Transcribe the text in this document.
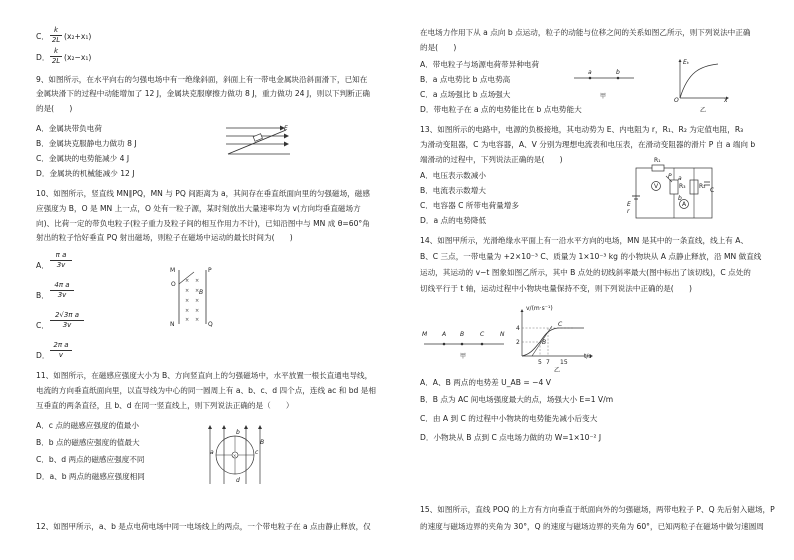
C．
k
2L (x₂+x₁)
D．
k
2L (x₂−x₁)
9、如图所示，在水平向右的匀强电场中有一绝缘斜面，斜面上有一带电金属块沿斜面滑下，已知在
金属块滑下的过程中动能增加了 12 J，金属块克服摩擦力做功 8 J，重力做功 24 J，则以下判断正确
的是(　　)
A．金属块带负电荷
B．金属块克服静电力做功 8 J
C．金属块的电势能减少 4 J
D．金属块的机械能减少 12 J
E
10、如图所示，竖直线 MN∥PQ，MN 与 PQ 间距离为 a，其间存在垂直纸面向里的匀强磁场，磁感
应强度为 B，O 是 MN 上一点，O 处有一粒子源，某时刻放出大量速率均为 v(方向均垂直磁场方
向)、比荷一定的带负电粒子(粒子重力及粒子间的相互作用力不计)，已知沿图中与 MN 成 θ=60°角
射出的粒子恰好垂直 PQ 射出磁场，则粒子在磁场中运动的最长时间为(　　)
A．
π a
3v
B．
4π a
3v
C．
2√3π a
3v
D．
2π a
v
× ×
× ×
× ×
× ×
× ×
M	P
O
B
N	Q
11、如图所示，在磁感应强度大小为 B、方向竖直向上的匀强磁场中，水平放置一根长直通电导线，
电流的方向垂直纸面向里，以直导线为中心的同一圆周上有 a、b、c、d 四个点，连线 ac 和 bd 是相
互垂直的两条直径，且 b、d 在同一竖直线上，则下列说法正确的是（　　）
A．c 点的磁感应强度的值最小
B．b 点的磁感应强度的值最大
C．b、d 两点的磁感应强度不同
D．a、b 两点的磁感应强度相同
×
b
a	c
d
B
12、如图甲所示，a、b 是点电荷电场中同一电场线上的两点，一个带电粒子在 a 点由静止释放，仅
在电场力作用下从 a 点向 b 点运动，粒子的动能与位移之间的关系如图乙所示，则下列说法中正确
的是(　　)
A．带电粒子与场源电荷带异种电荷
B．a 点电势比 b 点电势高
C．a 点场强比 b 点场强大
D．带电粒子在 a 点的电势能比在 b 点电势能大
a	b
甲
Eₖ
x
O
乙
13、如图所示的电路中，电源的负极接地，其电动势为 E、内电阻为 r，R₁、R₂ 为定值电阻，R₃
为滑动变阻器，C 为电容器，A、V 分别为理想电流表和电压表，在滑动变阻器的滑片 P 自 a 端向 b
端滑动的过程中，下列说法正确的是(　　)
A．电压表示数减小
B．电流表示数增大
C．电容器 C 所带电荷量增多
D．a 点的电势降低
R₁
V
A
R₃ R₂
C
P a
b
E
r
14、如图甲所示，光滑绝缘水平面上有一沿水平方向的电场，MN 是其中的一条直线，线上有 A、
B、C 三点，一带电量为 +2×10⁻³ C、质量为 1×10⁻³ kg 的小物块从 A 点静止释放，沿 MN 做直线
运动，其运动的 v−t 图象如图乙所示，其中 B 点处的切线斜率最大(图中标出了该切线)，C 点处的
切线平行于 t 轴，运动过程中小物块电量保持不变，则下列说法中正确的是(　　)
M A B	C	N
甲
v/(m·s⁻¹)
t/s
4
2
5 7 15
B
C
乙
A．A、B 两点的电势差 U_AB = −4 V
B．B 点为 AC 间电场强度最大的点，场强大小 E=1 V/m
C．由 A 到 C 的过程中小物块的电势能先减小后变大
D．小物块从 B 点到 C 点电场力做的功 W=1×10⁻² J
15、如图所示，直线 POQ 的上方有方向垂直于纸面向外的匀强磁场，两带电粒子 P、Q 先后射入磁场，P
的速度与磁场边界的夹角为 30°，Q 的速度与磁场边界的夹角为 60°，已知两粒子在磁场中做匀速圆周
